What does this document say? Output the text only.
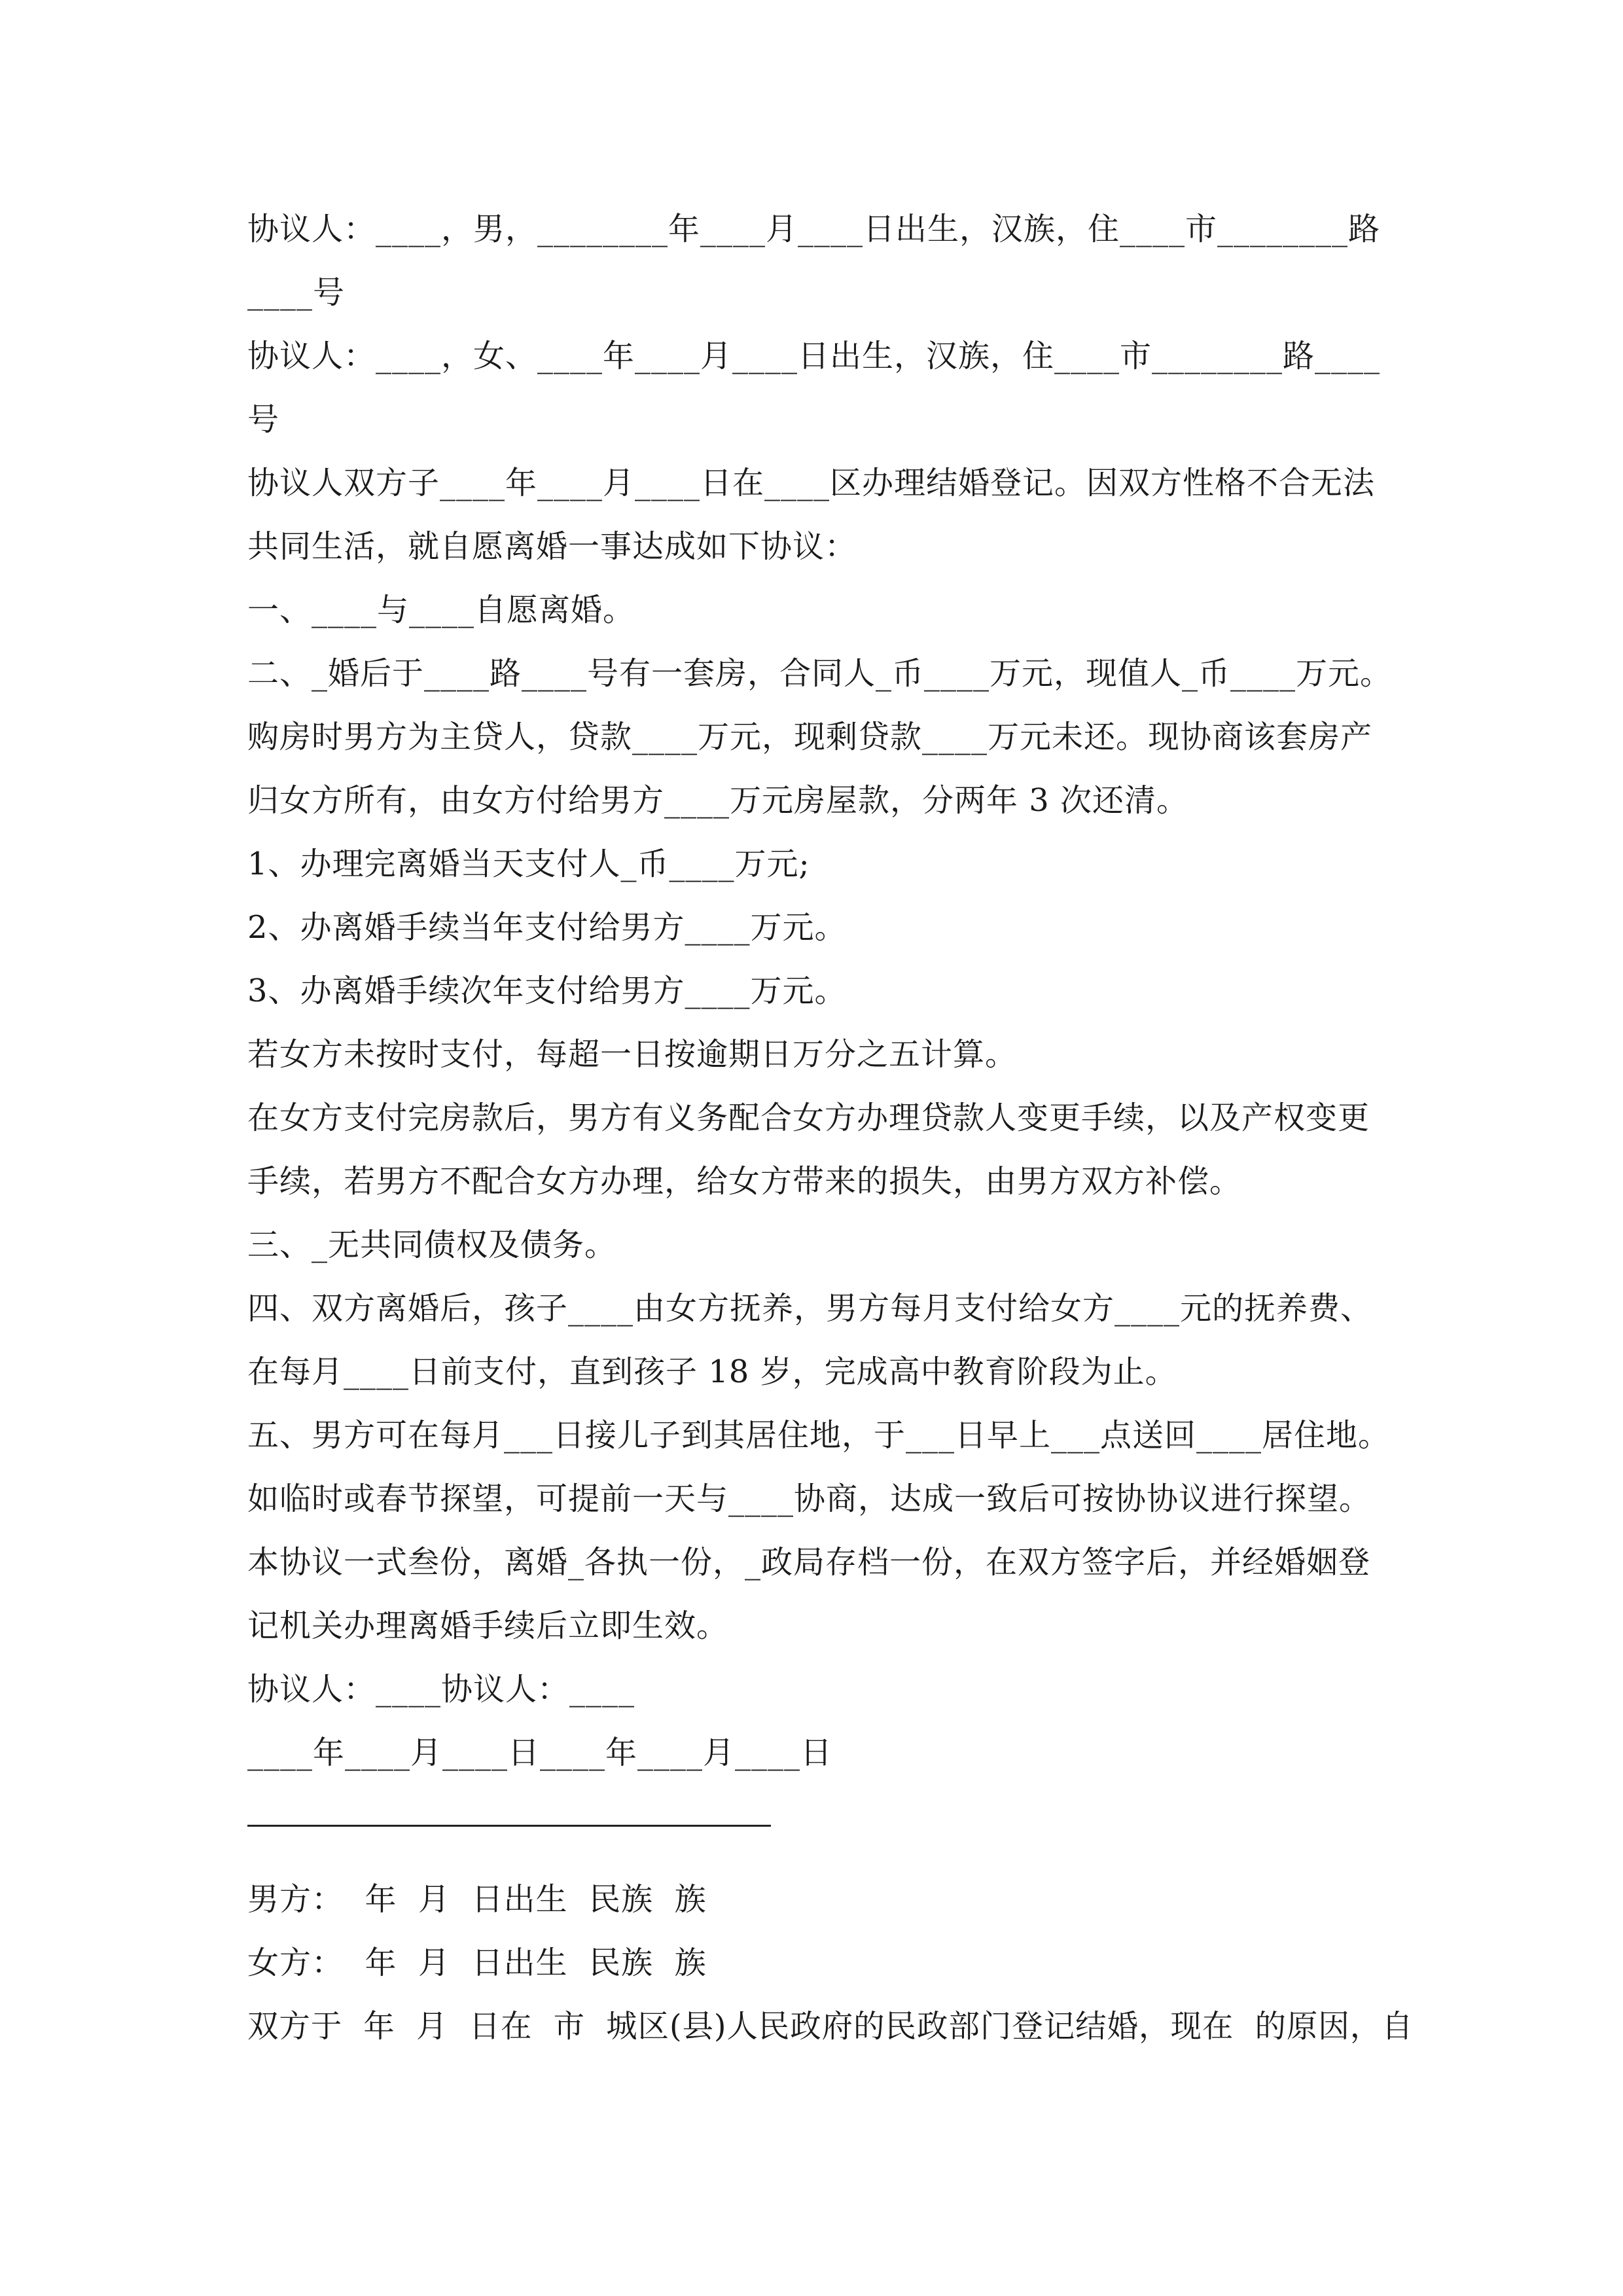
协议人：____，男，________年____月____日出生，汉族，住____市________路
____号
协议人：____，女、____年____月____日出生，汉族，住____市________路____
号
协议人双方子____年____月____日在____区办理结婚登记。因双方性格不合无法
共同生活，就自愿离婚一事达成如下协议：
一、____与____自愿离婚。
二、_婚后于____路____号有一套房，合同人_币____万元，现值人_币____万元。
购房时男方为主贷人，贷款____万元，现剩贷款____万元未还。现协商该套房产
归女方所有，由女方付给男方____万元房屋款，分两年 3 次还清。
1、办理完离婚当天支付人_币____万元;
2、办离婚手续当年支付给男方____万元。
3、办离婚手续次年支付给男方____万元。
若女方未按时支付，每超一日按逾期日万分之五计算。
在女方支付完房款后，男方有义务配合女方办理贷款人变更手续，以及产权变更
手续，若男方不配合女方办理，给女方带来的损失，由男方双方补偿。
三、_无共同债权及债务。
四、双方离婚后，孩子____由女方抚养，男方每月支付给女方____元的抚养费、
在每月____日前支付，直到孩子 18 岁，完成高中教育阶段为止。
五、男方可在每月___日接儿子到其居住地，于___日早上___点送回____居住地。
如临时或春节探望，可提前一天与____协商，达成一致后可按协协议进行探望。
本协议一式叁份，离婚_各执一份，_政局存档一份，在双方签字后，并经婚姻登
记机关办理离婚手续后立即生效。
协议人：____协议人：____
____年____月____日____年____月____日
男方：  年  月  日出生  民族  族
女方：  年  月  日出生  民族  族
双方于  年  月  日在  市  城区(县)人民政府的民政部门登记结婚，现在  的原因，自
